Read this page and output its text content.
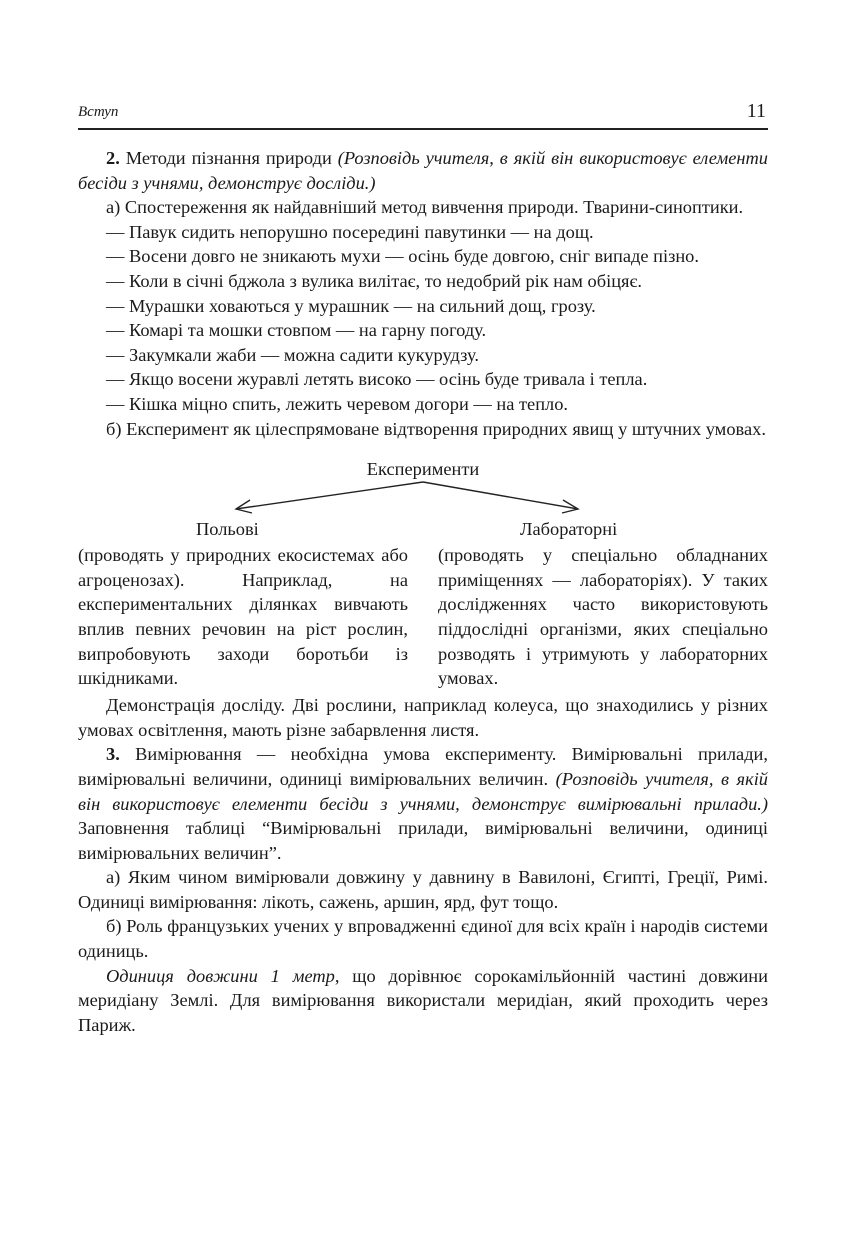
Вступ	11

2. Методи пізнання природи (Розповідь учителя, в якій він використовує елементи бесіди з учнями, демонструє досліди.)

а) Спостереження як найдавніший метод вивчення природи. Тварини-синоптики.

— Павук сидить непорушно посередині павутинки — на дощ.

— Восени довго не зникають мухи — осінь буде довгою, сніг випаде пізно.

— Коли в січні бджола з вулика вилітає, то недобрий рік нам обіцяє.

— Мурашки ховаються у мурашник — на сильний дощ, грозу.

— Комарі та мошки стовпом — на гарну погоду.

— Закумкали жаби — можна садити кукурудзу.

— Якщо восени журавлі летять високо — осінь буде тривала і тепла.

— Кішка міцно спить, лежить черевом догори — на тепло.

б) Експеримент як цілеспрямоване відтворення природних явищ у штучних умовах.

Експерименти
Польові	Лабораторні
(проводять у природних екосистемах або агроценозах). Наприклад, на експериментальних ділянках вивчають вплив певних речовин на ріст рослин, випробовують заходи боротьби із шкідниками.
(проводять у спеціально обладнаних приміщеннях — лабораторіях). У таких дослідженнях часто використовують піддослідні організми, яких спеціально розводять і утримують у лабораторних умовах.

Демонстрація досліду. Дві рослини, наприклад колеуса, що знаходились у різних умовах освітлення, мають різне забарвлення листя.

3. Вимірювання — необхідна умова експерименту. Вимірювальні прилади, вимірювальні величини, одиниці вимірювальних величин. (Розповідь учителя, в якій він використовує елементи бесіди з учнями, демонструє вимірювальні прилади.) Заповнення таблиці “Вимірювальні прилади, вимірювальні величини, одиниці вимірювальних величин”.

а) Яким чином вимірювали довжину у давнину в Вавилоні, Єгипті, Греції, Римі. Одиниці вимірювання: лікоть, сажень, аршин, ярд, фут тощо.

б) Роль французьких учених у впровадженні єдиної для всіх країн і народів системи одиниць.

Одиниця довжини 1 метр, що дорівнює сорокамільйонній частині довжини меридіану Землі. Для вимірювання використали меридіан, який проходить через Париж.
